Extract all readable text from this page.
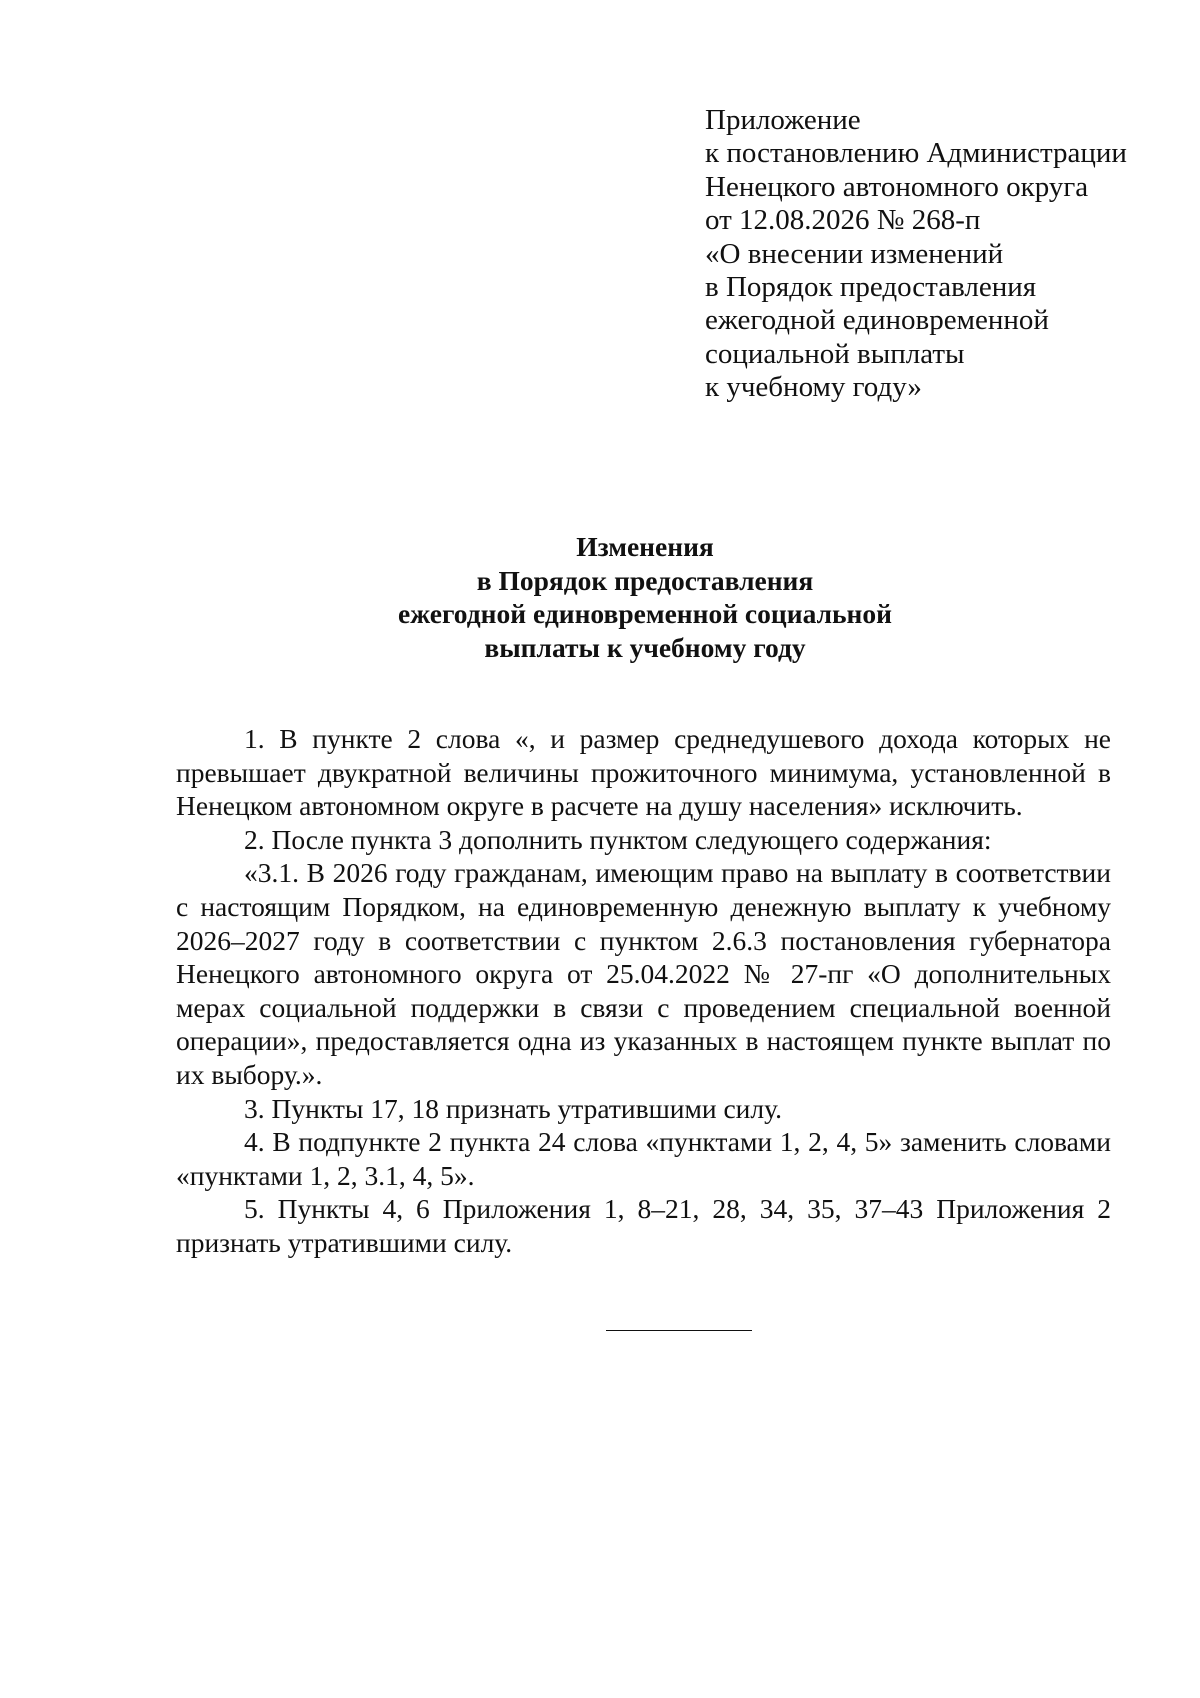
Приложение
к постановлению Администрации
Ненецкого автономного округа
от 12.08.2026 № 268-п
«О внесении изменений
в Порядок предоставления
ежегодной единовременной
социальной выплаты
к учебному году»
Изменения
в Порядок предоставления
ежегодной единовременной социальной
выплаты к учебному году

1. В пункте 2 слова «, и размер среднедушевого дохода которых не превышает двукратной величины прожиточного минимума, установленной в Ненецком автономном округе в расчете на душу населения» исключить.

2. После пункта 3 дополнить пунктом следующего содержания:

«3.1. В 2026 году гражданам, имеющим право на выплату в соответствии с настоящим Порядком, на единовременную денежную выплату к учебному 2026–2027 году в соответствии с пунктом 2.6.3 постановления губернатора Ненецкого автономного округа от 25.04.2022 № 27-пг «О дополнительных мерах социальной поддержки в связи с проведением специальной военной операции», предоставляется одна из указанных в настоящем пункте выплат по их выбору.».

3. Пункты 17, 18 признать утратившими силу.

4. В подпункте 2 пункта 24 слова «пунктами 1, 2, 4, 5» заменить словами «пунктами 1, 2, 3.1, 4, 5».

5. Пункты 4, 6 Приложения 1, 8–21, 28, 34, 35, 37–43 Приложения 2 признать утратившими силу.
